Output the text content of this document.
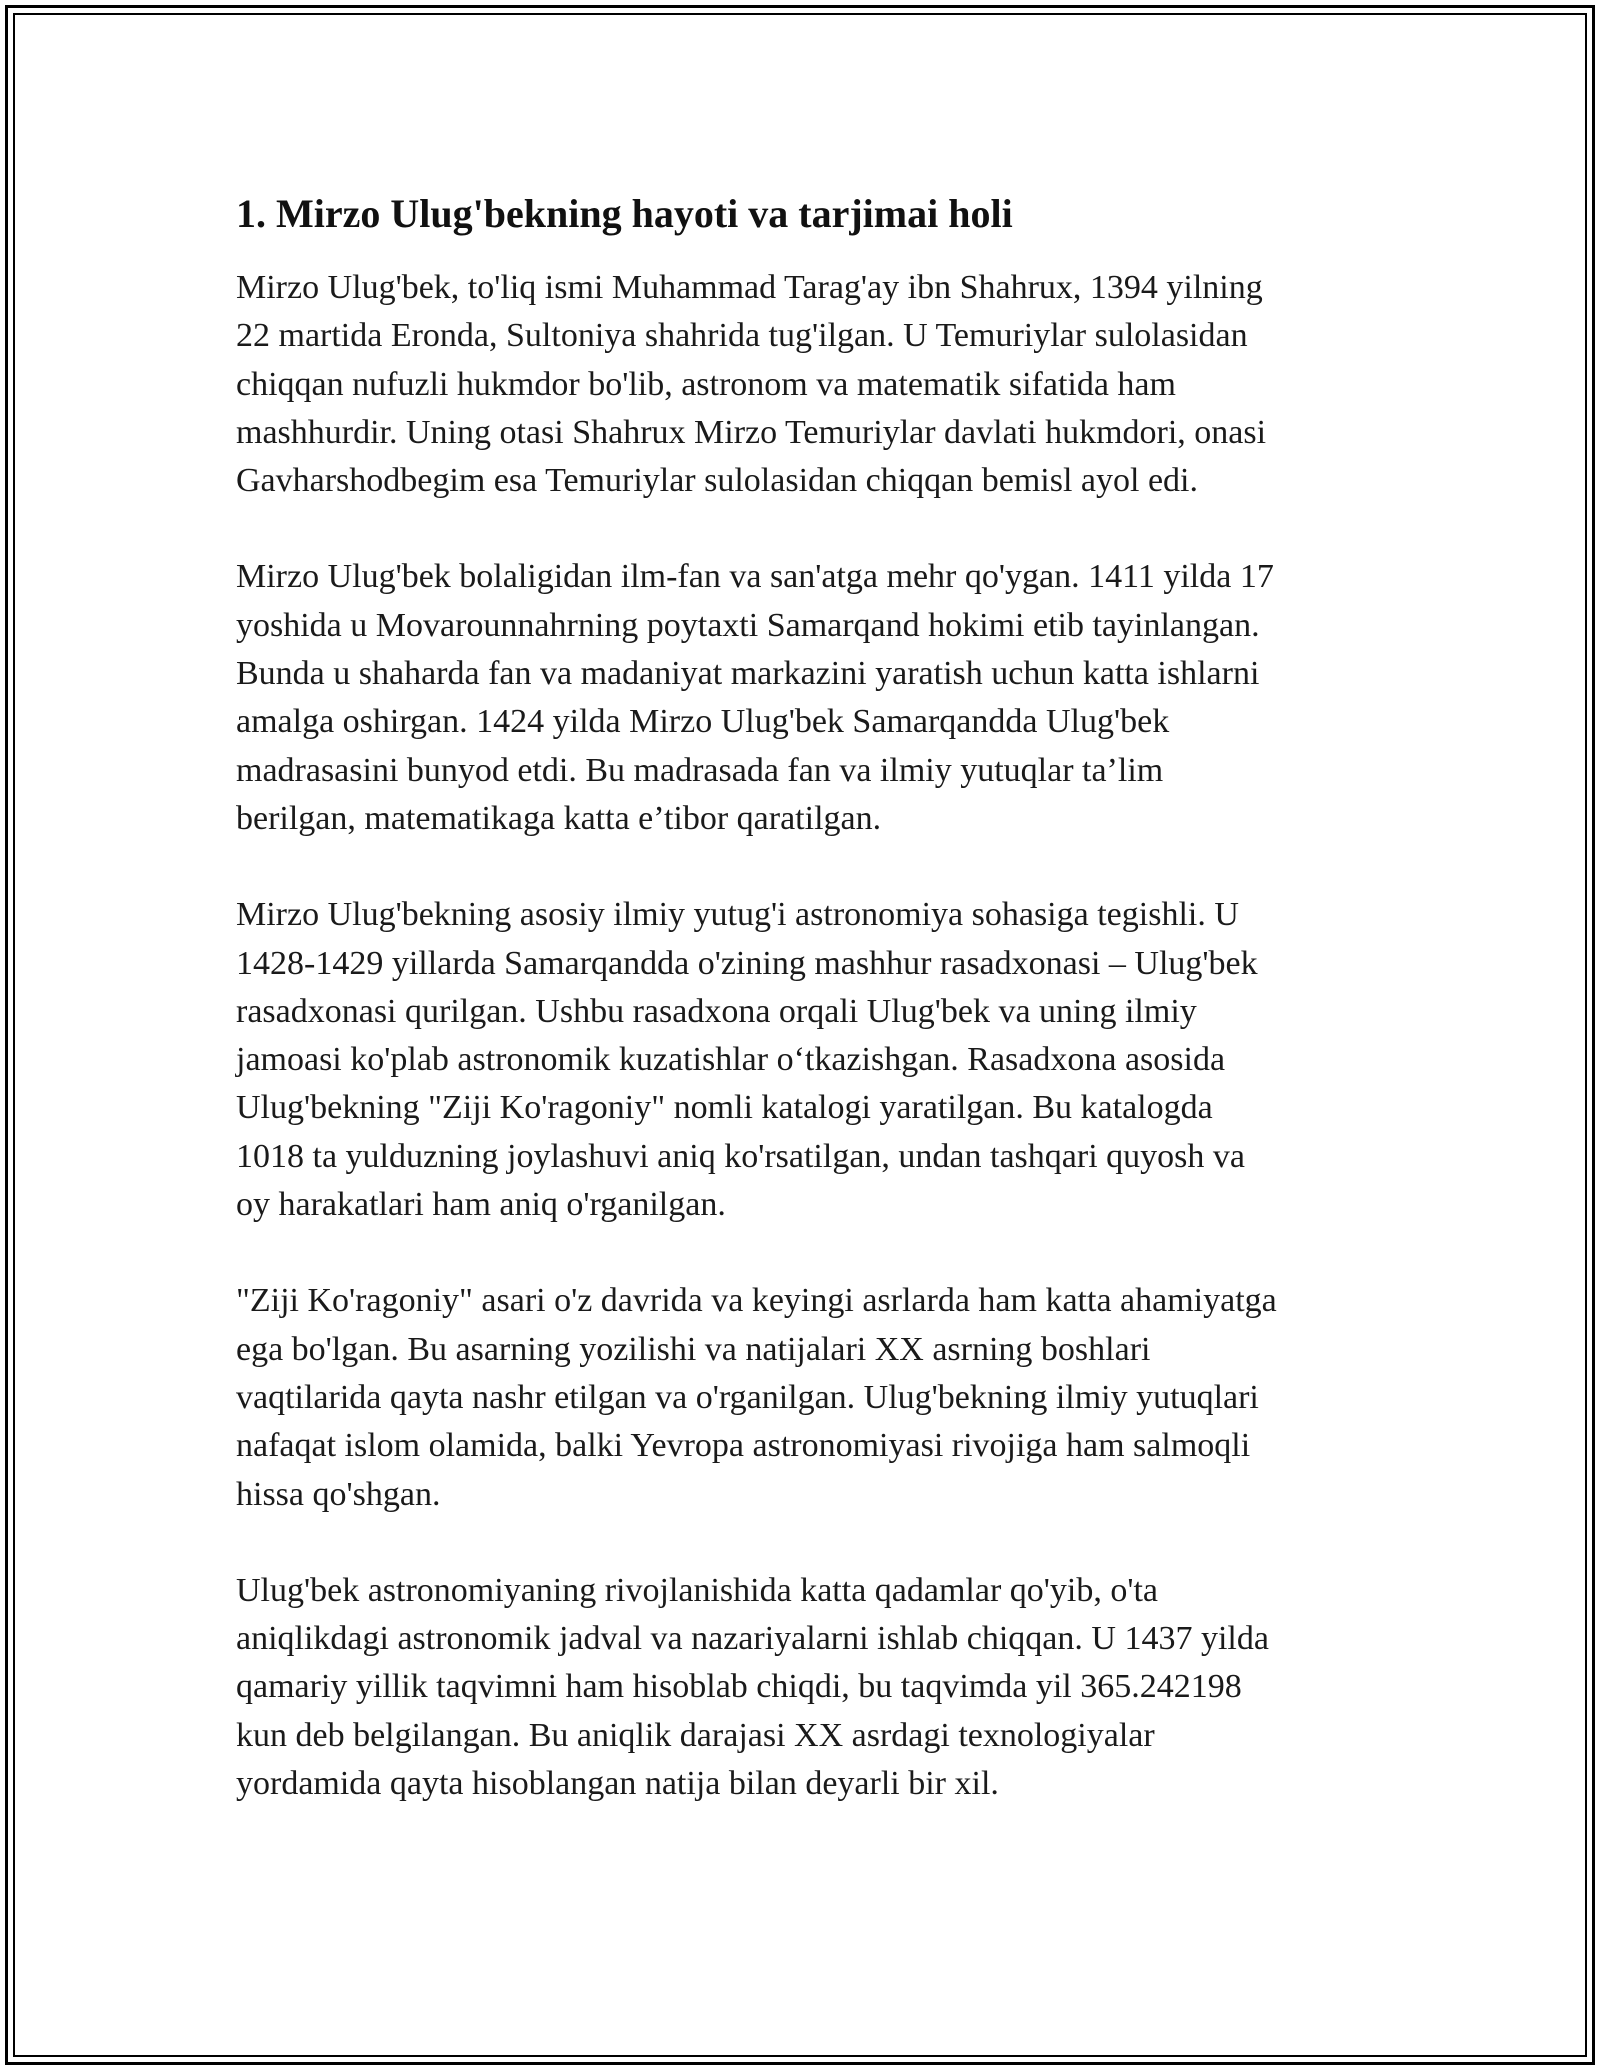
1. Mirzo Ulug'bekning hayoti va tarjimai holi

Mirzo Ulug'bek, to'liq ismi Muhammad Tarag'ay ibn Shahrux, 1394 yilning
22 martida Eronda, Sultoniya shahrida tug'ilgan. U Temuriylar sulolasidan
chiqqan nufuzli hukmdor bo'lib, astronom va matematik sifatida ham
mashhurdir. Uning otasi Shahrux Mirzo Temuriylar davlati hukmdori, onasi
Gavharshodbegim esa Temuriylar sulolasidan chiqqan bemisl ayol edi.

Mirzo Ulug'bek bolaligidan ilm-fan va san'atga mehr qo'ygan. 1411 yilda 17
yoshida u Movarounnahrning poytaxti Samarqand hokimi etib tayinlangan.
Bunda u shaharda fan va madaniyat markazini yaratish uchun katta ishlarni
amalga oshirgan. 1424 yilda Mirzo Ulug'bek Samarqandda Ulug'bek
madrasasini bunyod etdi. Bu madrasada fan va ilmiy yutuqlar ta’lim
berilgan, matematikaga katta e’tibor qaratilgan.

Mirzo Ulug'bekning asosiy ilmiy yutug'i astronomiya sohasiga tegishli. U
1428-1429 yillarda Samarqandda o'zining mashhur rasadxonasi – Ulug'bek
rasadxonasi qurilgan. Ushbu rasadxona orqali Ulug'bek va uning ilmiy
jamoasi ko'plab astronomik kuzatishlar o‘tkazishgan. Rasadxona asosida
Ulug'bekning "Ziji Ko'ragoniy" nomli katalogi yaratilgan. Bu katalogda
1018 ta yulduzning joylashuvi aniq ko'rsatilgan, undan tashqari quyosh va
oy harakatlari ham aniq o'rganilgan.

"Ziji Ko'ragoniy" asari o'z davrida va keyingi asrlarda ham katta ahamiyatga
ega bo'lgan. Bu asarning yozilishi va natijalari XX asrning boshlari
vaqtilarida qayta nashr etilgan va o'rganilgan. Ulug'bekning ilmiy yutuqlari
nafaqat islom olamida, balki Yevropa astronomiyasi rivojiga ham salmoqli
hissa qo'shgan.

Ulug'bek astronomiyaning rivojlanishida katta qadamlar qo'yib, o'ta
aniqlikdagi astronomik jadval va nazariyalarni ishlab chiqqan. U 1437 yilda
qamariy yillik taqvimni ham hisoblab chiqdi, bu taqvimda yil 365.242198
kun deb belgilangan. Bu aniqlik darajasi XX asrdagi texnologiyalar
yordamida qayta hisoblangan natija bilan deyarli bir xil.
